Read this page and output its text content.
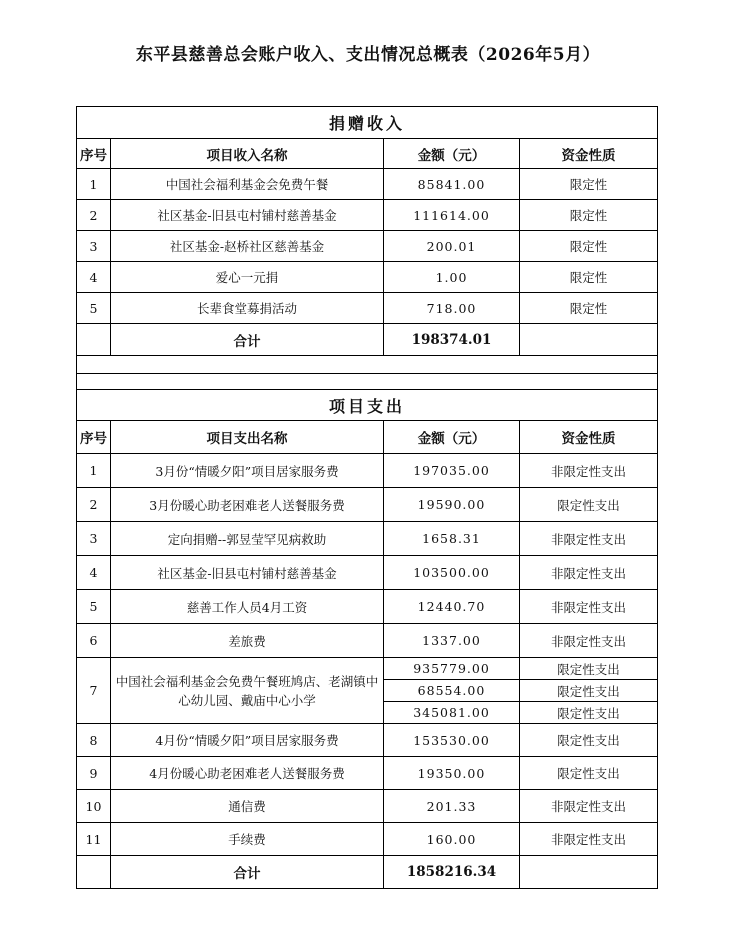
东平县慈善总会账户收入、支出情况总概表（2026年5月）
捐赠收入			
序号	项目收入名称	金额（元）	资金性质
1	中国社会福利基金会免费午餐	85841.00	限定性
2	社区基金-旧县屯村铺村慈善基金	111614.00	限定性
3	社区基金-赵桥社区慈善基金	200.01	限定性
4	爱心一元捐	1.00	限定性
5	长辈食堂募捐活动	718.00	限定性
	合计	198374.01	

项目支出			
序号	项目支出名称	金额（元）	资金性质
1	3月份“情暖夕阳”项目居家服务费	197035.00	非限定性支出
2	3月份暖心助老困难老人送餐服务费	19590.00	限定性支出
3	定向捐赠--郭昱莹罕见病救助	1658.31	非限定性支出
4	社区基金-旧县屯村铺村慈善基金	103500.00	非限定性支出
5	慈善工作人员4月工资	12440.70	非限定性支出
6	差旅费	1337.00	非限定性支出
7	中国社会福利基金会免费午餐班鸠店、老湖镇中心幼儿园、戴庙中心小学	935779.00	限定性支出
		68554.00	限定性支出
		345081.00	限定性支出
8	4月份“情暖夕阳”项目居家服务费	153530.00	限定性支出
9	4月份暖心助老困难老人送餐服务费	19350.00	限定性支出
10	通信费	201.33	非限定性支出
11	手续费	160.00	非限定性支出
	合计	1858216.34	
